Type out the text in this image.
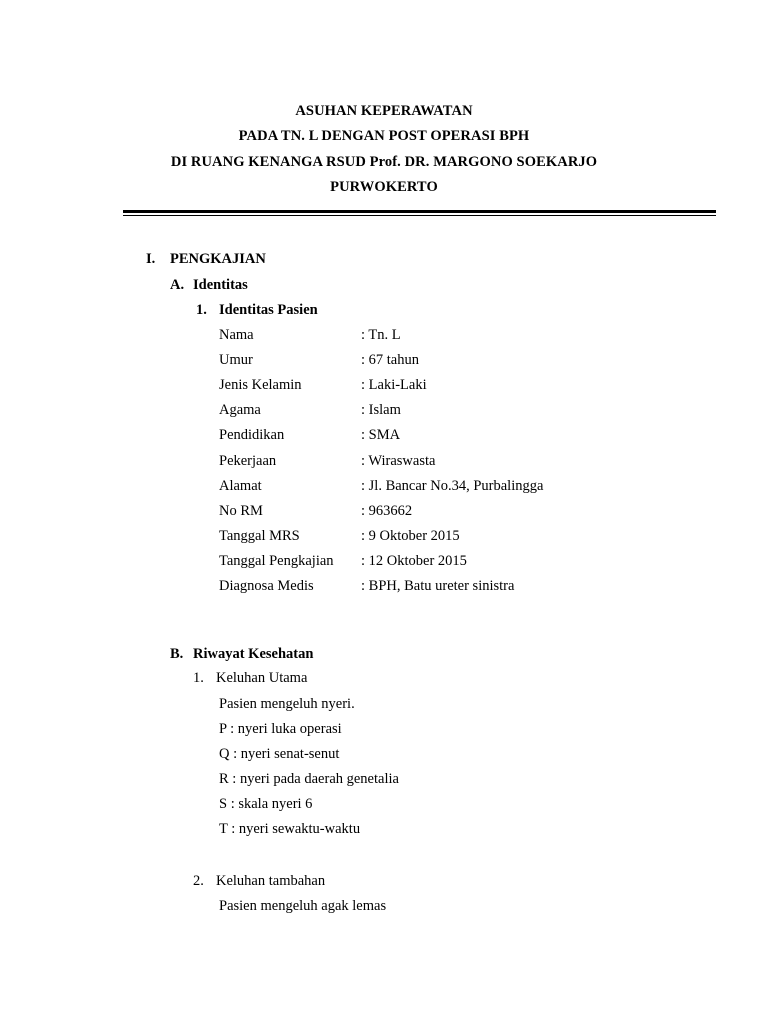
ASUHAN KEPERAWATAN
PADA TN. L DENGAN POST OPERASI BPH
DI RUANG KENANGA RSUD Prof. DR. MARGONO SOEKARJO
PURWOKERTO
I. PENGKAJIAN
A. Identitas
1. Identitas Pasien
Nama	: Tn. L
Umur	: 67 tahun
Jenis Kelamin	: Laki-Laki
Agama	: Islam
Pendidikan	: SMA
Pekerjaan	: Wiraswasta
Alamat	: Jl. Bancar No.34, Purbalingga
No RM	: 963662
Tanggal MRS	: 9 Oktober 2015
Tanggal Pengkajian : 12 Oktober 2015
Diagnosa Medis	: BPH, Batu ureter sinistra
B. Riwayat Kesehatan
1. Keluhan Utama
Pasien mengeluh nyeri.
P : nyeri luka operasi
Q : nyeri senat-senut
R : nyeri pada daerah genetalia
S : skala nyeri 6
T : nyeri sewaktu-waktu
2. Keluhan tambahan
Pasien mengeluh agak lemas
